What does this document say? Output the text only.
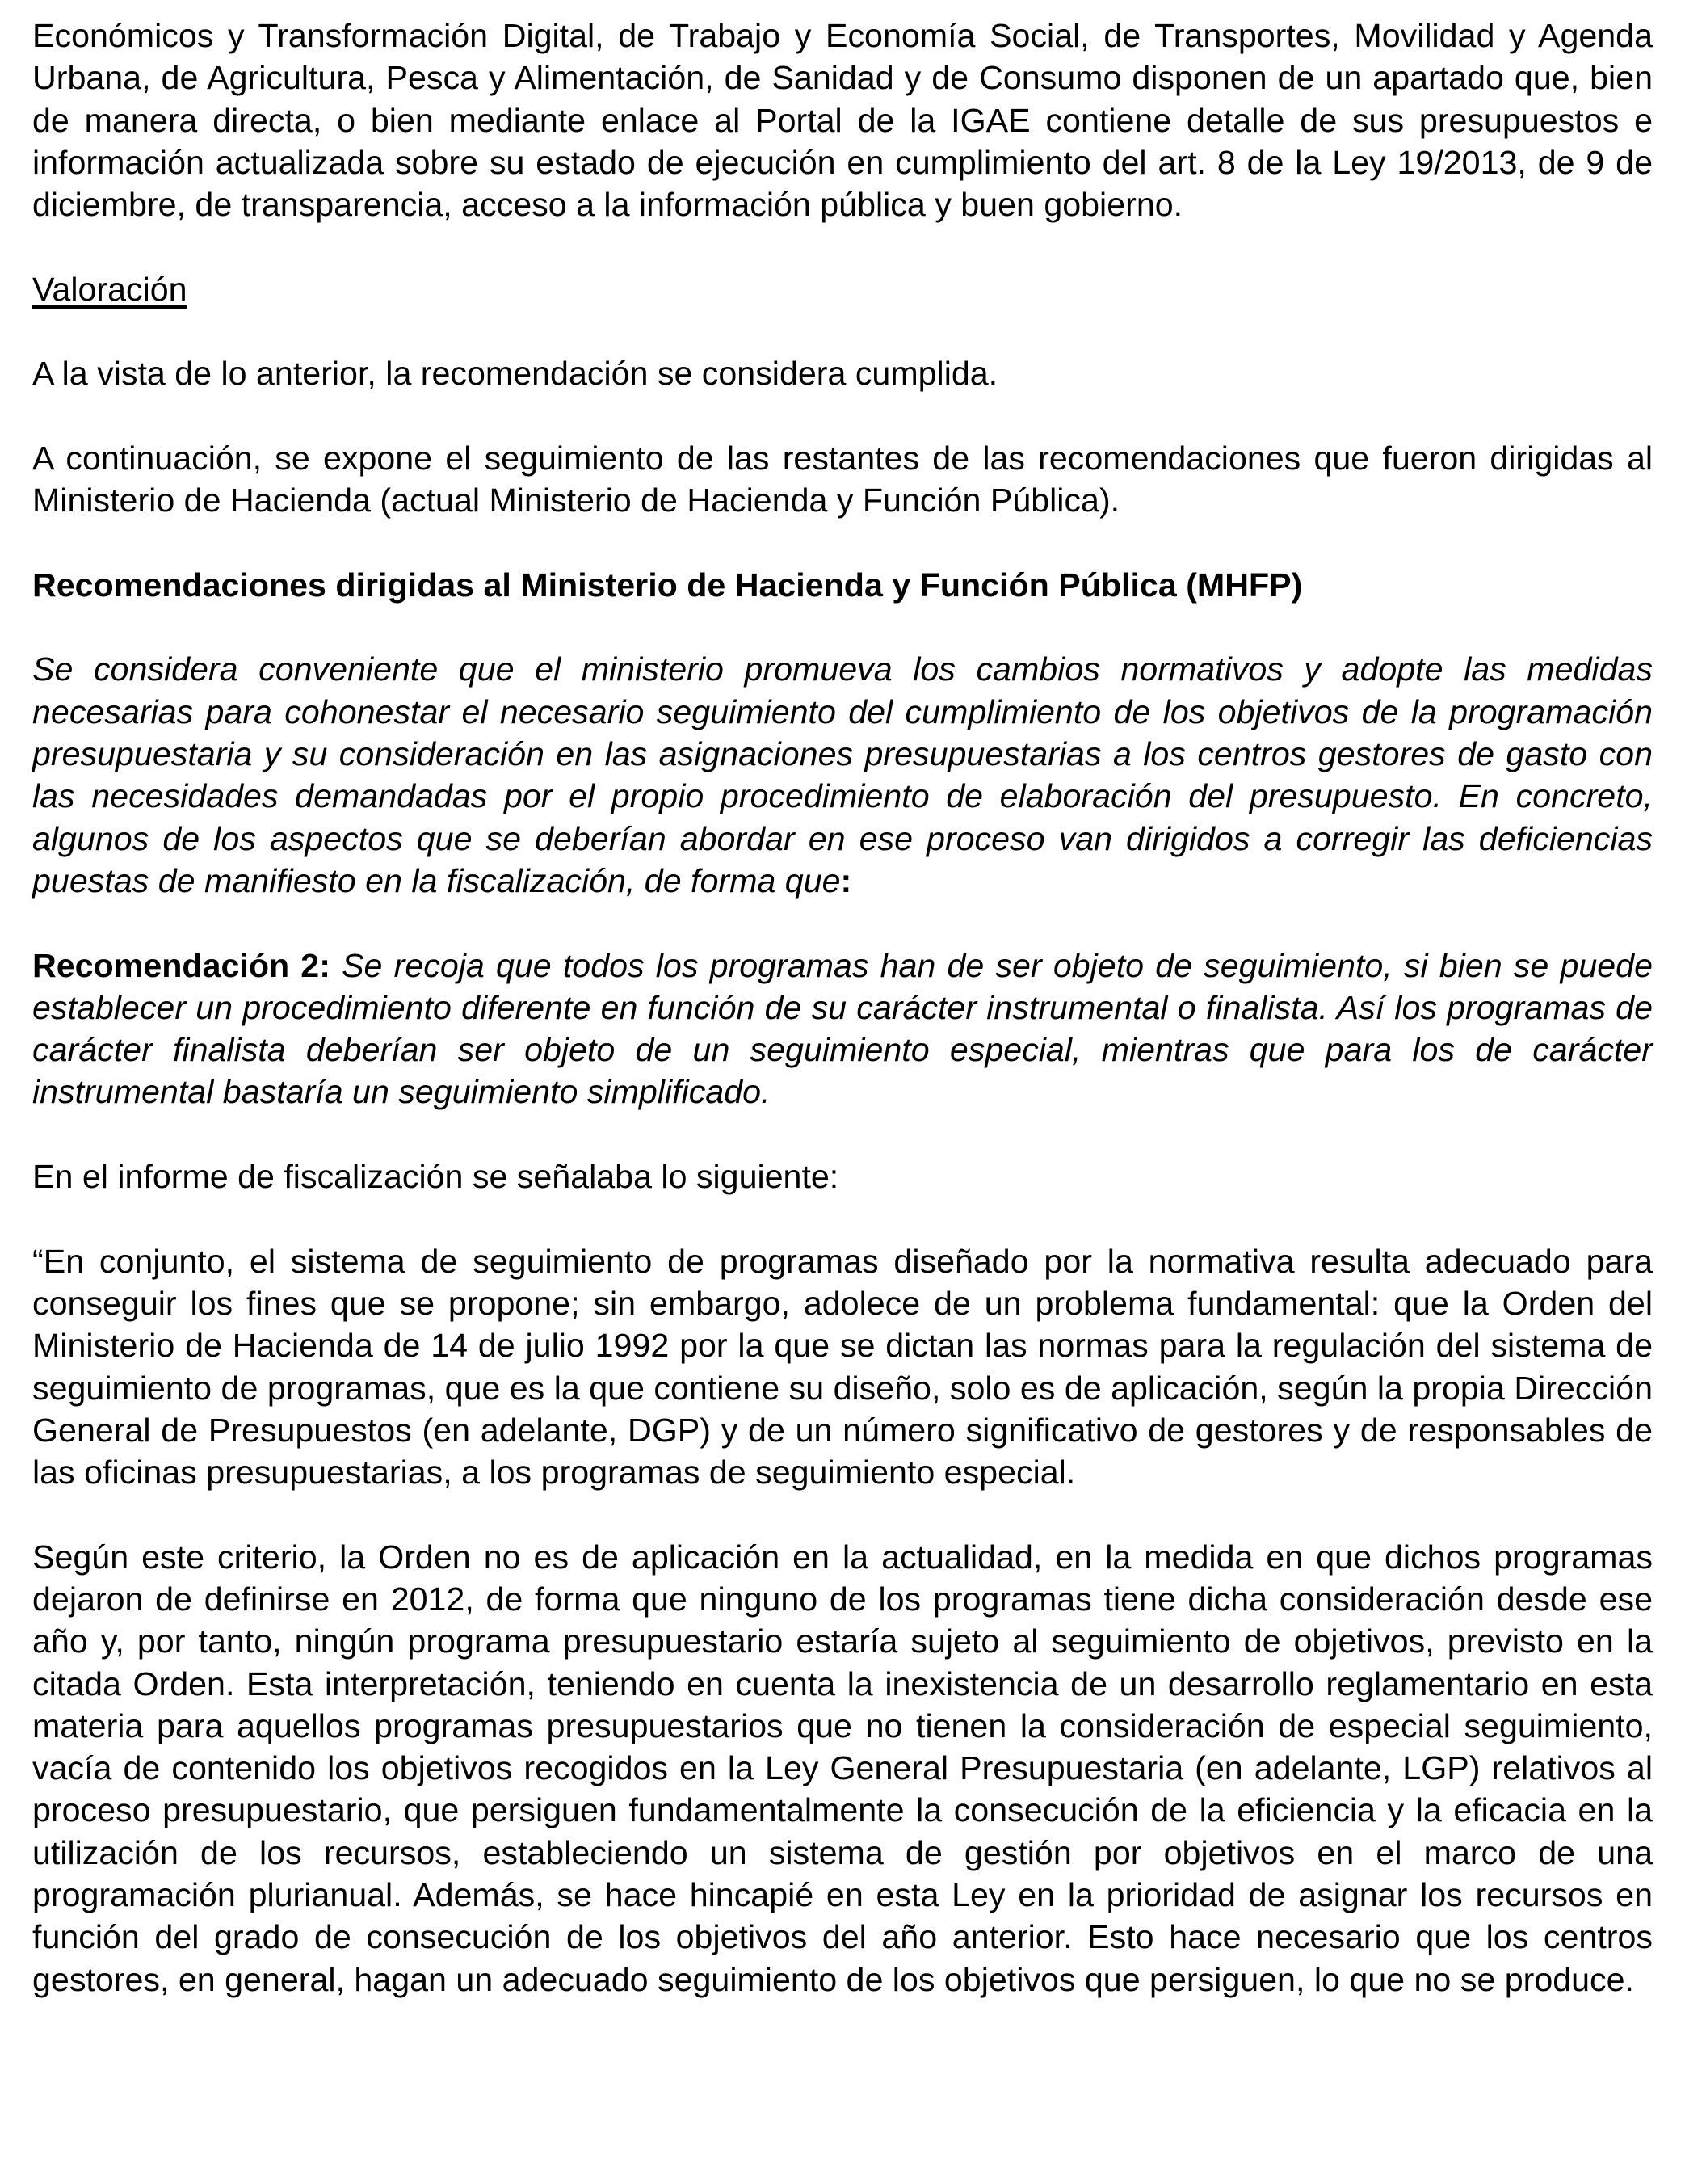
Económicos y Transformación Digital, de Trabajo y Economía Social, de Transportes, Movilidad y Agenda Urbana, de Agricultura, Pesca y Alimentación, de Sanidad y de Consumo disponen de un apartado que, bien de manera directa, o bien mediante enlace al Portal de la IGAE contiene detalle de sus presupuestos e información actualizada sobre su estado de ejecución en cumplimiento del art. 8 de la Ley 19/2013, de 9 de diciembre, de transparencia, acceso a la información pública y buen gobierno.

Valoración

A la vista de lo anterior, la recomendación se considera cumplida.

A continuación, se expone el seguimiento de las restantes de las recomendaciones que fueron dirigidas al Ministerio de Hacienda (actual Ministerio de Hacienda y Función Pública).

Recomendaciones dirigidas al Ministerio de Hacienda y Función Pública (MHFP)

Se considera conveniente que el ministerio promueva los cambios normativos y adopte las medidas necesarias para cohonestar el necesario seguimiento del cumplimiento de los objetivos de la programación presupuestaria y su consideración en las asignaciones presupuestarias a los centros gestores de gasto con las necesidades demandadas por el propio procedimiento de elaboración del presupuesto. En concreto, algunos de los aspectos que se deberían abordar en ese proceso van dirigidos a corregir las deficiencias puestas de manifiesto en la fiscalización, de forma que:

Recomendación 2: Se recoja que todos los programas han de ser objeto de seguimiento, si bien se puede establecer un procedimiento diferente en función de su carácter instrumental o finalista. Así los programas de carácter finalista deberían ser objeto de un seguimiento especial, mientras que para los de carácter instrumental bastaría un seguimiento simplificado.

En el informe de fiscalización se señalaba lo siguiente:

“En conjunto, el sistema de seguimiento de programas diseñado por la normativa resulta adecuado para conseguir los fines que se propone; sin embargo, adolece de un problema fundamental: que la Orden del Ministerio de Hacienda de 14 de julio 1992 por la que se dictan las normas para la regulación del sistema de seguimiento de programas, que es la que contiene su diseño, solo es de aplicación, según la propia Dirección General de Presupuestos (en adelante, DGP) y de un número significativo de gestores y de responsables de las oficinas presupuestarias, a los programas de seguimiento especial.

Según este criterio, la Orden no es de aplicación en la actualidad, en la medida en que dichos programas dejaron de definirse en 2012, de forma que ninguno de los programas tiene dicha consideración desde ese año y, por tanto, ningún programa presupuestario estaría sujeto al seguimiento de objetivos, previsto en la citada Orden. Esta interpretación, teniendo en cuenta la inexistencia de un desarrollo reglamentario en esta materia para aquellos programas presupuestarios que no tienen la consideración de especial seguimiento, vacía de contenido los objetivos recogidos en la Ley General Presupuestaria (en adelante, LGP) relativos al proceso presupuestario, que persiguen fundamentalmente la consecución de la eficiencia y la eficacia en la utilización de los recursos, estableciendo un sistema de gestión por objetivos en el marco de una programación plurianual. Además, se hace hincapié en esta Ley en la prioridad de asignar los recursos en función del grado de consecución de los objetivos del año anterior. Esto hace necesario que los centros gestores, en general, hagan un adecuado seguimiento de los objetivos que persiguen, lo que no se produce.
